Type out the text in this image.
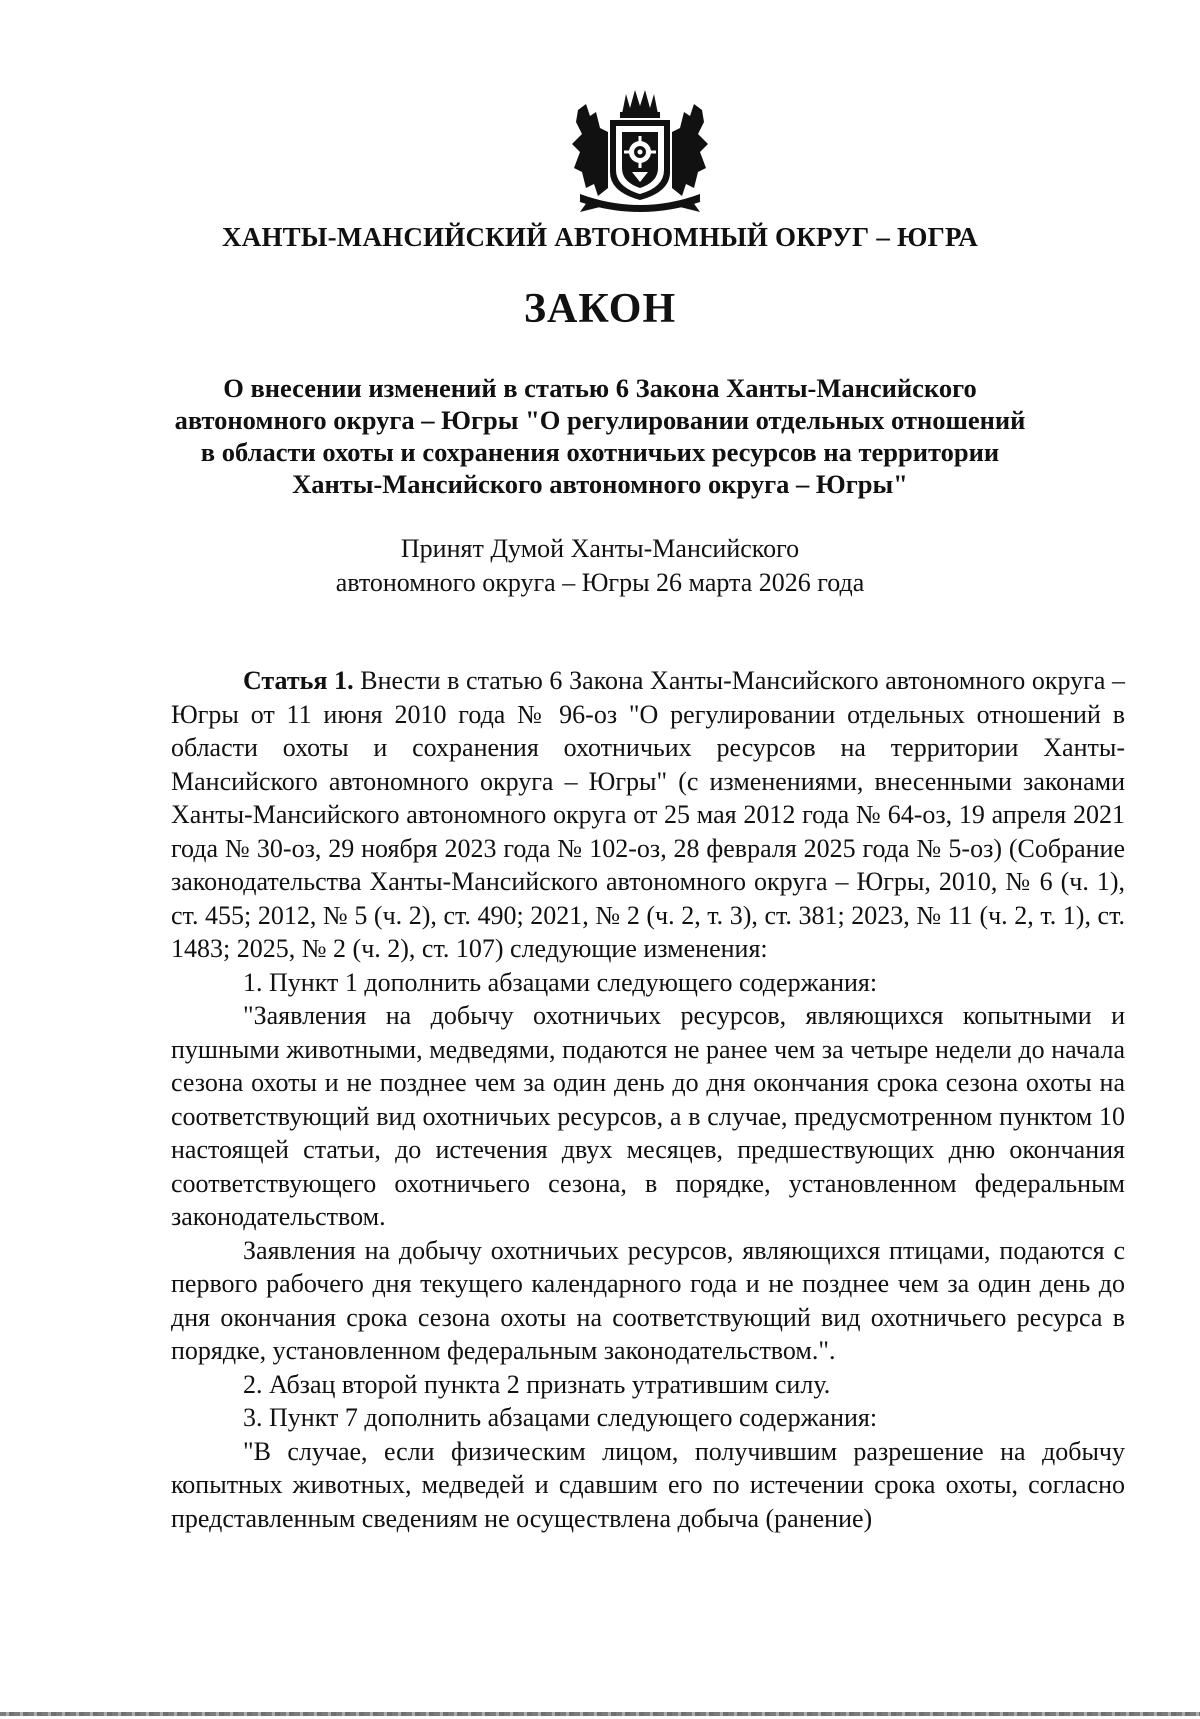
ХАНТЫ-МАНСИЙСКИЙ АВТОНОМНЫЙ ОКРУГ – ЮГРА
ЗАКОН
О внесении изменений в статью 6 Закона Ханты-Мансийского
автономного округа – Югры "О регулировании отдельных отношений
в области охоты и сохранения охотничьих ресурсов на территории
Ханты-Мансийского автономного округа – Югры"
Принят Думой Ханты-Мансийского
автономного округа – Югры 26 марта 2026 года

Статья 1. Внести в статью 6 Закона Ханты-Мансийского автономного округа – Югры от 11 июня 2010 года № 96-оз "О регулировании отдельных отношений в области охоты и сохранения охотничьих ресурсов на территории Ханты-Мансийского автономного округа – Югры" (с изменениями, внесенными законами Ханты-Мансийского автономного округа от 25 мая 2012 года № 64-оз, 19 апреля 2021 года № 30-оз, 29 ноября 2023 года № 102-оз, 28 февраля 2025 года № 5-оз) (Собрание законодательства Ханты-Мансийского автономного округа – Югры, 2010, № 6 (ч. 1), ст. 455; 2012, № 5 (ч. 2), ст. 490; 2021, № 2 (ч. 2, т. 3), ст. 381; 2023, № 11 (ч. 2, т. 1), ст. 1483; 2025, № 2 (ч. 2), ст. 107) следующие изменения:

1. Пункт 1 дополнить абзацами следующего содержания:

"Заявления на добычу охотничьих ресурсов, являющихся копытными и пушными животными, медведями, подаются не ранее чем за четыре недели до начала сезона охоты и не позднее чем за один день до дня окончания срока сезона охоты на соответствующий вид охотничьих ресурсов, а в случае, предусмотренном пунктом 10 настоящей статьи, до истечения двух месяцев, предшествующих дню окончания соответствующего охотничьего сезона, в порядке, установленном федеральным законодательством.

Заявления на добычу охотничьих ресурсов, являющихся птицами, подаются с первого рабочего дня текущего календарного года и не позднее чем за один день до дня окончания срока сезона охоты на соответствующий вид охотничьего ресурса в порядке, установленном федеральным законодательством.".

2. Абзац второй пункта 2 признать утратившим силу.

3. Пункт 7 дополнить абзацами следующего содержания:

"В случае, если физическим лицом, получившим разрешение на добычу копытных животных, медведей и сдавшим его по истечении срока охоты, согласно представленным сведениям не осуществлена добыча (ранение)
